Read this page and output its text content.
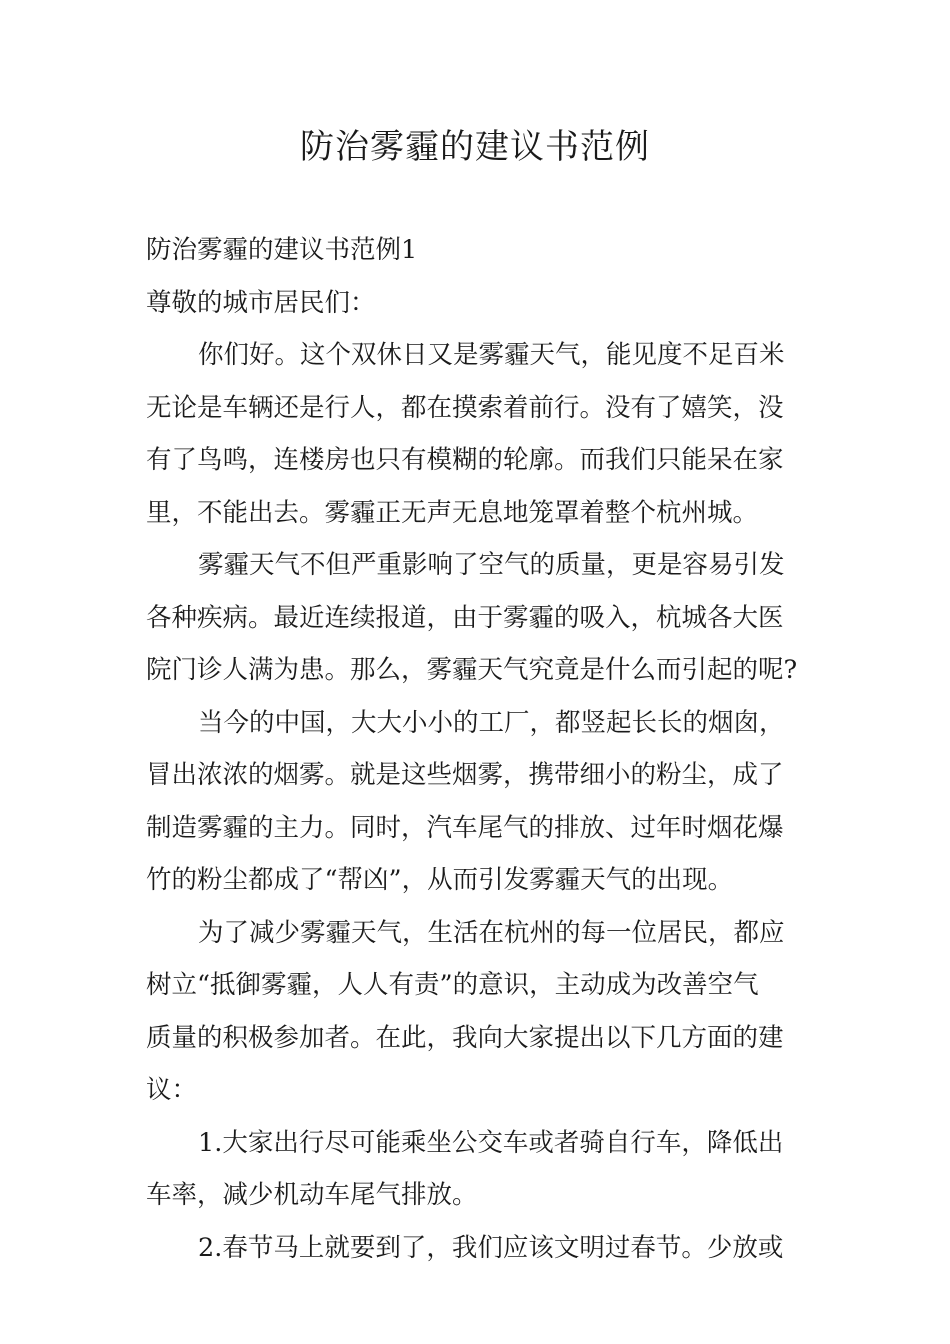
防治雾霾的建议书范例

防治雾霾的建议书范例1

尊敬的城市居民们：

你们好。这个双休日又是雾霾天气，能见度不足百米

无论是车辆还是行人，都在摸索着前行。没有了嬉笑，没

有了鸟鸣，连楼房也只有模糊的轮廓。而我们只能呆在家

里，不能出去。雾霾正无声无息地笼罩着整个杭州城。

雾霾天气不但严重影响了空气的质量，更是容易引发

各种疾病。最近连续报道，由于雾霾的吸入，杭城各大医

院门诊人满为患。那么，雾霾天气究竟是什么而引起的呢?

当今的中国，大大小小的工厂，都竖起长长的烟囱，

冒出浓浓的烟雾。就是这些烟雾，携带细小的粉尘，成了

制造雾霾的主力。同时，汽车尾气的排放、过年时烟花爆

竹的粉尘都成了“帮凶”，从而引发雾霾天气的出现。

为了减少雾霾天气，生活在杭州的每一位居民，都应

树立“抵御雾霾，人人有责”的意识，主动成为改善空气

质量的积极参加者。在此，我向大家提出以下几方面的建

议：

1.大家出行尽可能乘坐公交车或者骑自行车，降低出

车率，减少机动车尾气排放。

2.春节马上就要到了，我们应该文明过春节。少放或
